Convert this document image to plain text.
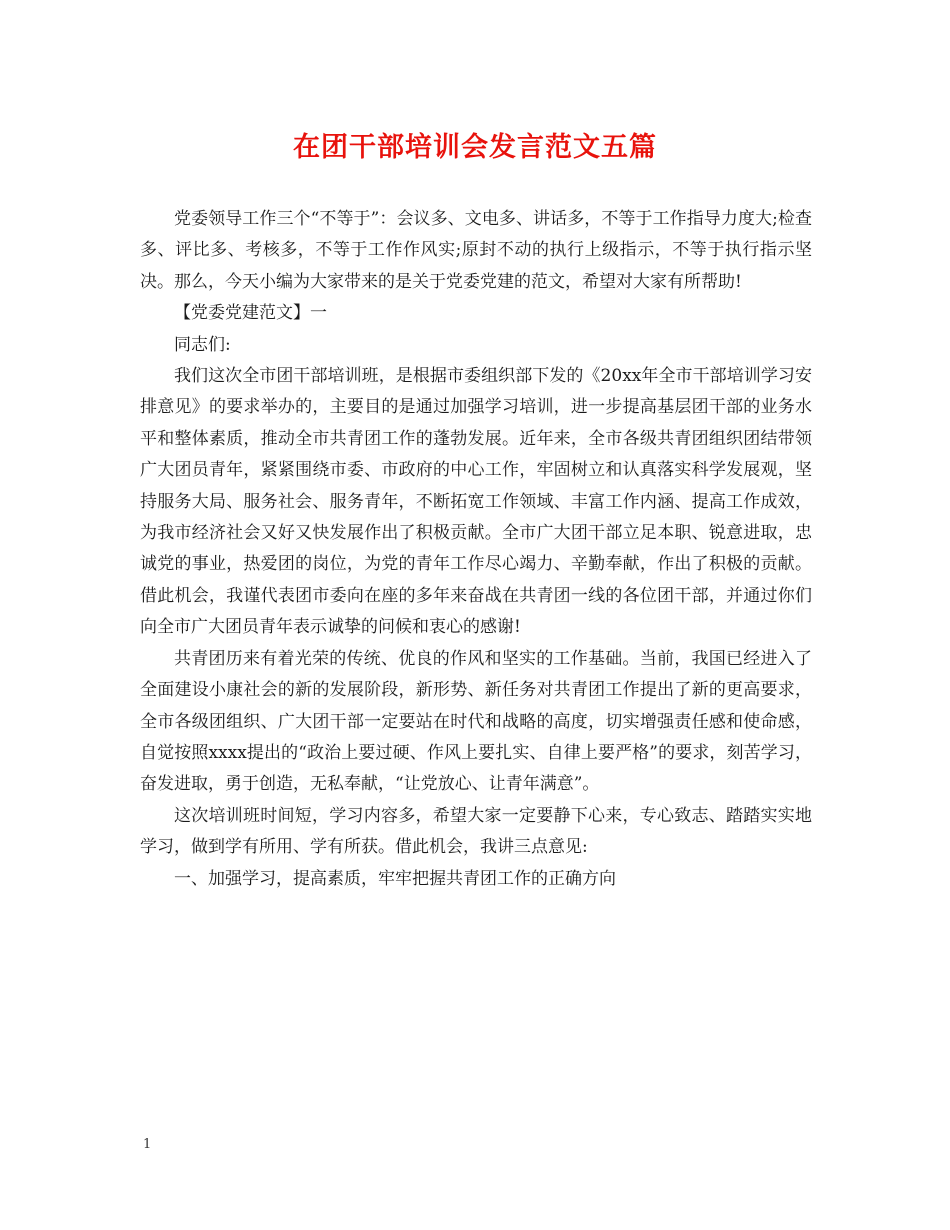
在团干部培训会发言范文五篇

党委领导工作三个“不等于”：会议多、文电多、讲话多，不等于工作指导力度大;检查多、评比多、考核多，不等于工作作风实;原封不动的执行上级指示，不等于执行指示坚决。那么，今天小编为大家带来的是关于党委党建的范文，希望对大家有所帮助!

【党委党建范文】一

同志们:

我们这次全市团干部培训班，是根据市委组织部下发的《20xx年全市干部培训学习安排意见》的要求举办的，主要目的是通过加强学习培训，进一步提高基层团干部的业务水平和整体素质，推动全市共青团工作的蓬勃发展。近年来，全市各级共青团组织团结带领广大团员青年，紧紧围绕市委、市政府的中心工作，牢固树立和认真落实科学发展观，坚持服务大局、服务社会、服务青年，不断拓宽工作领域、丰富工作内涵、提高工作成效，为我市经济社会又好又快发展作出了积极贡献。全市广大团干部立足本职、锐意进取，忠诚党的事业，热爱团的岗位，为党的青年工作尽心竭力、辛勤奉献，作出了积极的贡献。借此机会，我谨代表团市委向在座的多年来奋战在共青团一线的各位团干部，并通过你们向全市广大团员青年表示诚挚的问候和衷心的感谢!

共青团历来有着光荣的传统、优良的作风和坚实的工作基础。当前，我国已经进入了全面建设小康社会的新的发展阶段，新形势、新任务对共青团工作提出了新的更高要求，全市各级团组织、广大团干部一定要站在时代和战略的高度，切实增强责任感和使命感，自觉按照xxxx提出的“政治上要过硬、作风上要扎实、自律上要严格”的要求，刻苦学习，奋发进取，勇于创造，无私奉献，“让党放心、让青年满意”。

这次培训班时间短，学习内容多，希望大家一定要静下心来，专心致志、踏踏实实地学习，做到学有所用、学有所获。借此机会，我讲三点意见:

一、加强学习，提高素质，牢牢把握共青团工作的正确方向

1
